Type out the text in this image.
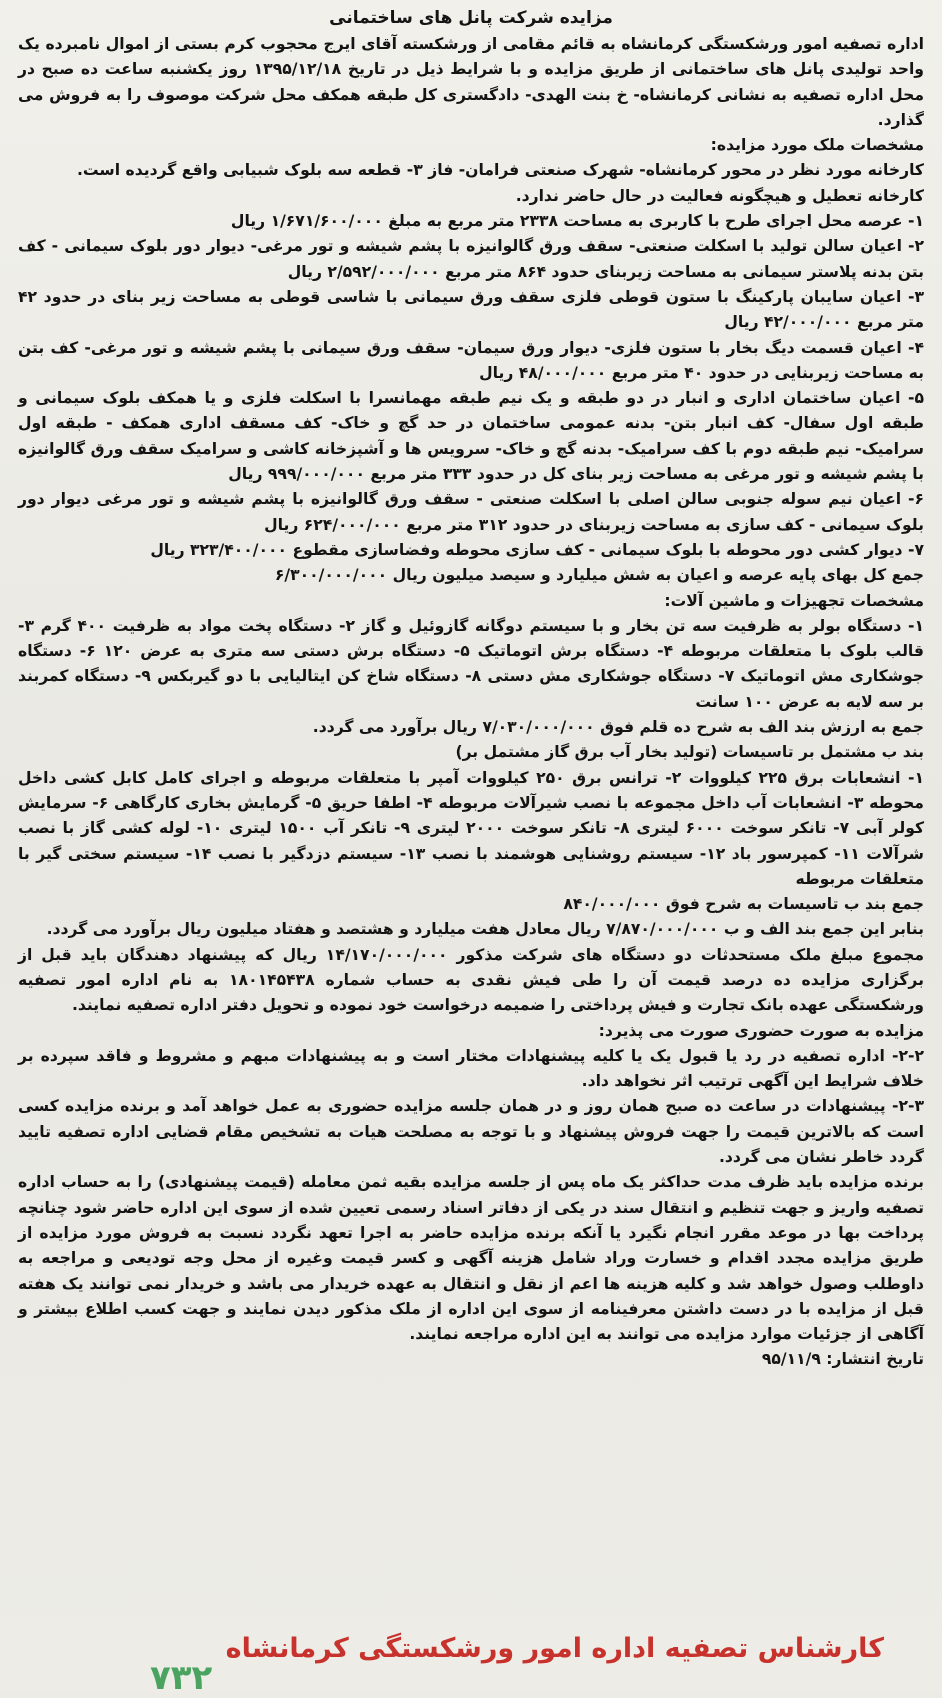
مزایده شرکت پانل های ساختمانی

اداره تصفیه امور ورشکستگی کرمانشاه به قائم مقامی از ورشکسته آقای ایرج محجوب کرم بستی از اموال نامبرده یک واحد تولیدی پانل های ساختمانی از طریق مزایده و با شرایط ذیل در تاریخ ۱۳۹۵/۱۲/۱۸ روز یکشنبه ساعت ده صبح در محل اداره تصفیه به نشانی کرمانشاه- خ بنت الهدی- دادگستری کل طبقه همکف محل شرکت موصوف را به فروش می گذارد.

مشخصات ملک مورد مزایده:

کارخانه مورد نظر در محور کرمانشاه- شهرک صنعتی فرامان- فاز ۳- قطعه سه بلوک شبیابی واقع گردیده است.

کارخانه تعطیل و هیچگونه فعالیت در حال حاضر ندارد.

۱- عرصه محل اجرای طرح با کاربری به مساحت ۲۳۳۸ متر مربع به مبلغ ۱/۶۷۱/۶۰۰/۰۰۰ ریال

۲- اعیان سالن تولید با اسکلت صنعتی- سقف ورق گالوانیزه با پشم شیشه و تور مرغی- دیوار دور بلوک سیمانی - کف بتن بدنه پلاستر سیمانی به مساحت زیربنای حدود ۸۶۴ متر مربع ۲/۵۹۲/۰۰۰/۰۰۰ ریال

۳- اعیان سایبان پارکینگ با ستون قوطی فلزی سقف ورق سیمانی با شاسی قوطی به مساحت زیر بنای در حدود ۴۲ متر مربع ۴۲/۰۰۰/۰۰۰ ریال

۴- اعیان قسمت دیگ بخار با ستون فلزی- دیوار ورق سیمان- سقف ورق سیمانی با پشم شیشه و تور مرغی- کف بتن به مساحت زیربنایی در حدود ۴۰ متر مربع ۴۸/۰۰۰/۰۰۰ ریال

۵- اعیان ساختمان اداری و انبار در دو طبقه و یک نیم طبقه مهمانسرا با اسکلت فلزی و یا همکف بلوک سیمانی و طبقه اول سفال- کف انبار بتن- بدنه عمومی ساختمان در حد گچ و خاک- کف مسقف اداری همکف - طبقه اول سرامیک- نیم طبقه دوم با کف سرامیک- بدنه گچ و خاک- سرویس ها و آشپزخانه کاشی و سرامیک سقف ورق گالوانیزه با پشم شیشه و تور مرغی به مساحت زیر بنای کل در حدود ۳۳۳ متر مربع ۹۹۹/۰۰۰/۰۰۰ ریال

۶- اعیان نیم سوله جنوبی سالن اصلی با اسکلت صنعتی - سقف ورق گالوانیزه با پشم شیشه و تور مرغی دیوار دور بلوک سیمانی - کف سازی به مساحت زیربنای در حدود ۳۱۲ متر مربع ۶۲۴/۰۰۰/۰۰۰ ریال

۷- دیوار کشی دور محوطه با بلوک سیمانی - کف سازی محوطه وفضاسازی مقطوع ۳۲۳/۴۰۰/۰۰۰ ریال

جمع کل بهای پایه عرصه و اعیان به شش میلیارد و سیصد میلیون ریال ۶/۳۰۰/۰۰۰/۰۰۰

مشخصات تجهیزات و ماشین آلات:

۱- دستگاه بولر به ظرفیت سه تن بخار و با سیستم دوگانه گازوئیل و گاز ۲- دستگاه پخت مواد به ظرفیت ۴۰۰ گرم ۳- قالب بلوک با متعلقات مربوطه ۴- دستگاه برش اتوماتیک ۵- دستگاه برش دستی سه متری به عرض ۱۲۰ ۶- دستگاه جوشکاری مش اتوماتیک ۷- دستگاه جوشکاری مش دستی ۸- دستگاه شاخ کن ایتالیایی با دو گیربکس ۹- دستگاه کمربند بر سه لایه به عرض ۱۰۰ سانت

جمع به ارزش بند الف به شرح ده قلم فوق ۷/۰۳۰/۰۰۰/۰۰۰ ریال برآورد می گردد.

بند ب مشتمل بر تاسیسات (تولید بخار آب برق گاز مشتمل بر)

۱- انشعابات برق ۲۲۵ کیلووات ۲- ترانس برق ۲۵۰ کیلووات آمپر با متعلقات مربوطه و اجرای کامل کابل کشی داخل محوطه ۳- انشعابات آب داخل مجموعه با نصب شیرآلات مربوطه ۴- اطفا حریق ۵- گرمایش بخاری کارگاهی ۶- سرمایش کولر آبی ۷- تانکر سوخت ۶۰۰۰ لیتری ۸- تانکر سوخت ۲۰۰۰ لیتری ۹- تانکر آب ۱۵۰۰ لیتری ۱۰- لوله کشی گاز با نصب شرآلات ۱۱- کمپرسور باد ۱۲- سیستم روشنایی هوشمند با نصب ۱۳- سیستم دزدگیر با نصب ۱۴- سیستم سختی گیر با متعلقات مربوطه

جمع بند ب تاسیسات به شرح فوق ۸۴۰/۰۰۰/۰۰۰

بنابر این جمع بند الف و ب ۷/۸۷۰/۰۰۰/۰۰۰ ریال معادل هفت میلیارد و هشتصد و هفتاد میلیون ریال برآورد می گردد.

مجموع مبلغ ملک مستحدثات دو دستگاه های شرکت مذکور ۱۴/۱۷۰/۰۰۰/۰۰۰ ریال که پیشنهاد دهندگان باید قبل از برگزاری مزایده ده درصد قیمت آن را طی فیش نقدی به حساب شماره ۱۸۰۱۴۵۴۳۸ به نام اداره امور تصفیه ورشکستگی عهده بانک تجارت و فیش پرداختی را ضمیمه درخواست خود نموده و تحویل دفتر اداره تصفیه نمایند.

مزایده به صورت حضوری صورت می پذیرد:

۲-۲- اداره تصفیه در رد یا قبول یک یا کلیه پیشنهادات مختار است و به پیشنهادات مبهم و مشروط و فاقد سپرده بر خلاف شرایط این آگهی ترتیب اثر نخواهد داد.

۲-۳- پیشنهادات در ساعت ده صبح همان روز و در همان جلسه مزایده حضوری به عمل خواهد آمد و برنده مزایده کسی است که بالاترین قیمت را جهت فروش پیشنهاد و با توجه به مصلحت هیات به تشخیص مقام قضایی اداره تصفیه تایید گردد خاطر نشان می گردد.

برنده مزایده باید ظرف مدت حداکثر یک ماه پس از جلسه مزایده بقیه ثمن معامله (قیمت پیشنهادی) را به حساب اداره تصفیه واریز و جهت تنظیم و انتقال سند در یکی از دفاتر اسناد رسمی تعیین شده از سوی این اداره حاضر شود چنانچه پرداخت بها در موعد مقرر انجام نگیرد یا آنکه برنده مزایده حاضر به اجرا تعهد نگردد نسبت به فروش مورد مزایده از طریق مزایده مجدد اقدام و خسارت وراد شامل هزینه آگهی و کسر قیمت وغیره از محل وجه تودیعی و مراجعه به داوطلب وصول خواهد شد و کلیه هزینه ها اعم از نقل و انتقال به عهده خریدار می باشد و خریدار نمی توانند یک هفته قبل از مزایده با در دست داشتن معرفینامه از سوی این اداره از ملک مذکور دیدن نمایند و جهت کسب اطلاع بیشتر و آگاهی از جزئیات موارد مزایده می توانند به این اداره مراجعه نمایند.

تاریخ انتشار: ۹۵/۱۱/۹

کارشناس تصفیه اداره امور ورشکستگی کرمانشاه
۷۳۲
